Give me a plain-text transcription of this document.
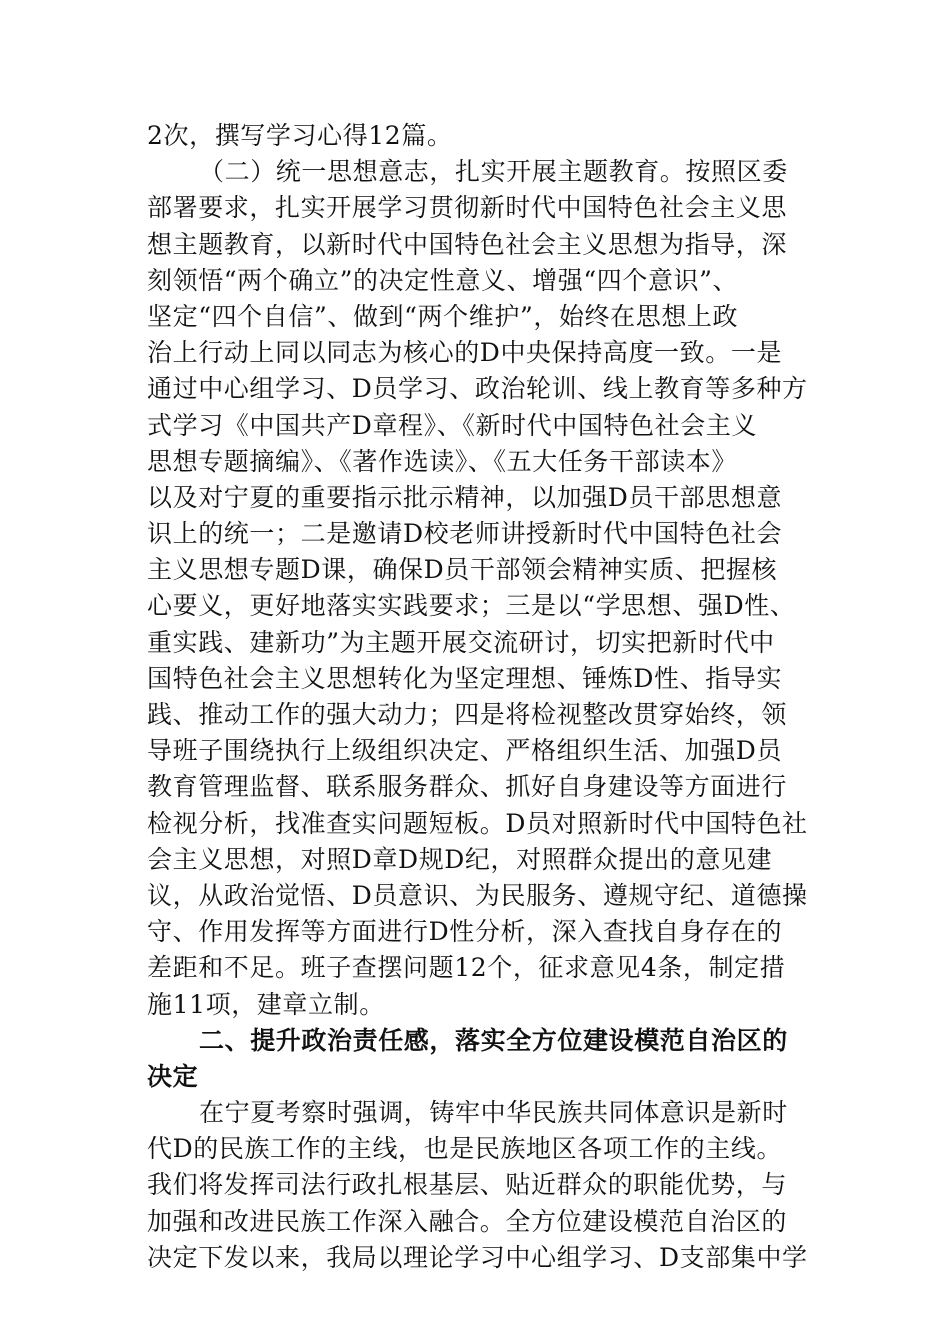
2次，撰写学习心得12篇。
（二）统一思想意志，扎实开展主题教育。按照区委
部署要求，扎实开展学习贯彻新时代中国特色社会主义思
想主题教育，以新时代中国特色社会主义思想为指导，深
刻领悟“两个确立”的决定性意义、增强“四个意识”、
坚定“四个自信”、做到“两个维护”，始终在思想上政
治上行动上同以同志为核心的D中央保持高度一致。一是
通过中心组学习、D员学习、政治轮训、线上教育等多种方
式学习《中国共产D章程》、《新时代中国特色社会主义
思想专题摘编》、《著作选读》、《五大任务干部读本》
以及对宁夏的重要指示批示精神，以加强D员干部思想意
识上的统一；二是邀请D校老师讲授新时代中国特色社会
主义思想专题D课，确保D员干部领会精神实质、把握核
心要义，更好地落实实践要求；三是以“学思想、强D性、
重实践、建新功”为主题开展交流研讨，切实把新时代中
国特色社会主义思想转化为坚定理想、锤炼D性、指导实
践、推动工作的强大动力；四是将检视整改贯穿始终，领
导班子围绕执行上级组织决定、严格组织生活、加强D员
教育管理监督、联系服务群众、抓好自身建设等方面进行
检视分析，找准查实问题短板。D员对照新时代中国特色社
会主义思想，对照D章D规D纪，对照群众提出的意见建
议，从政治觉悟、D员意识、为民服务、遵规守纪、道德操
守、作用发挥等方面进行D性分析，深入查找自身存在的
差距和不足。班子查摆问题12个，征求意见4条，制定措
施11项，建章立制。
二、提升政治责任感，落实全方位建设模范自治区的
决定
在宁夏考察时强调，铸牢中华民族共同体意识是新时
代D的民族工作的主线，也是民族地区各项工作的主线。
我们将发挥司法行政扎根基层、贴近群众的职能优势，与
加强和改进民族工作深入融合。全方位建设模范自治区的
决定下发以来，我局以理论学习中心组学习、D支部集中学
